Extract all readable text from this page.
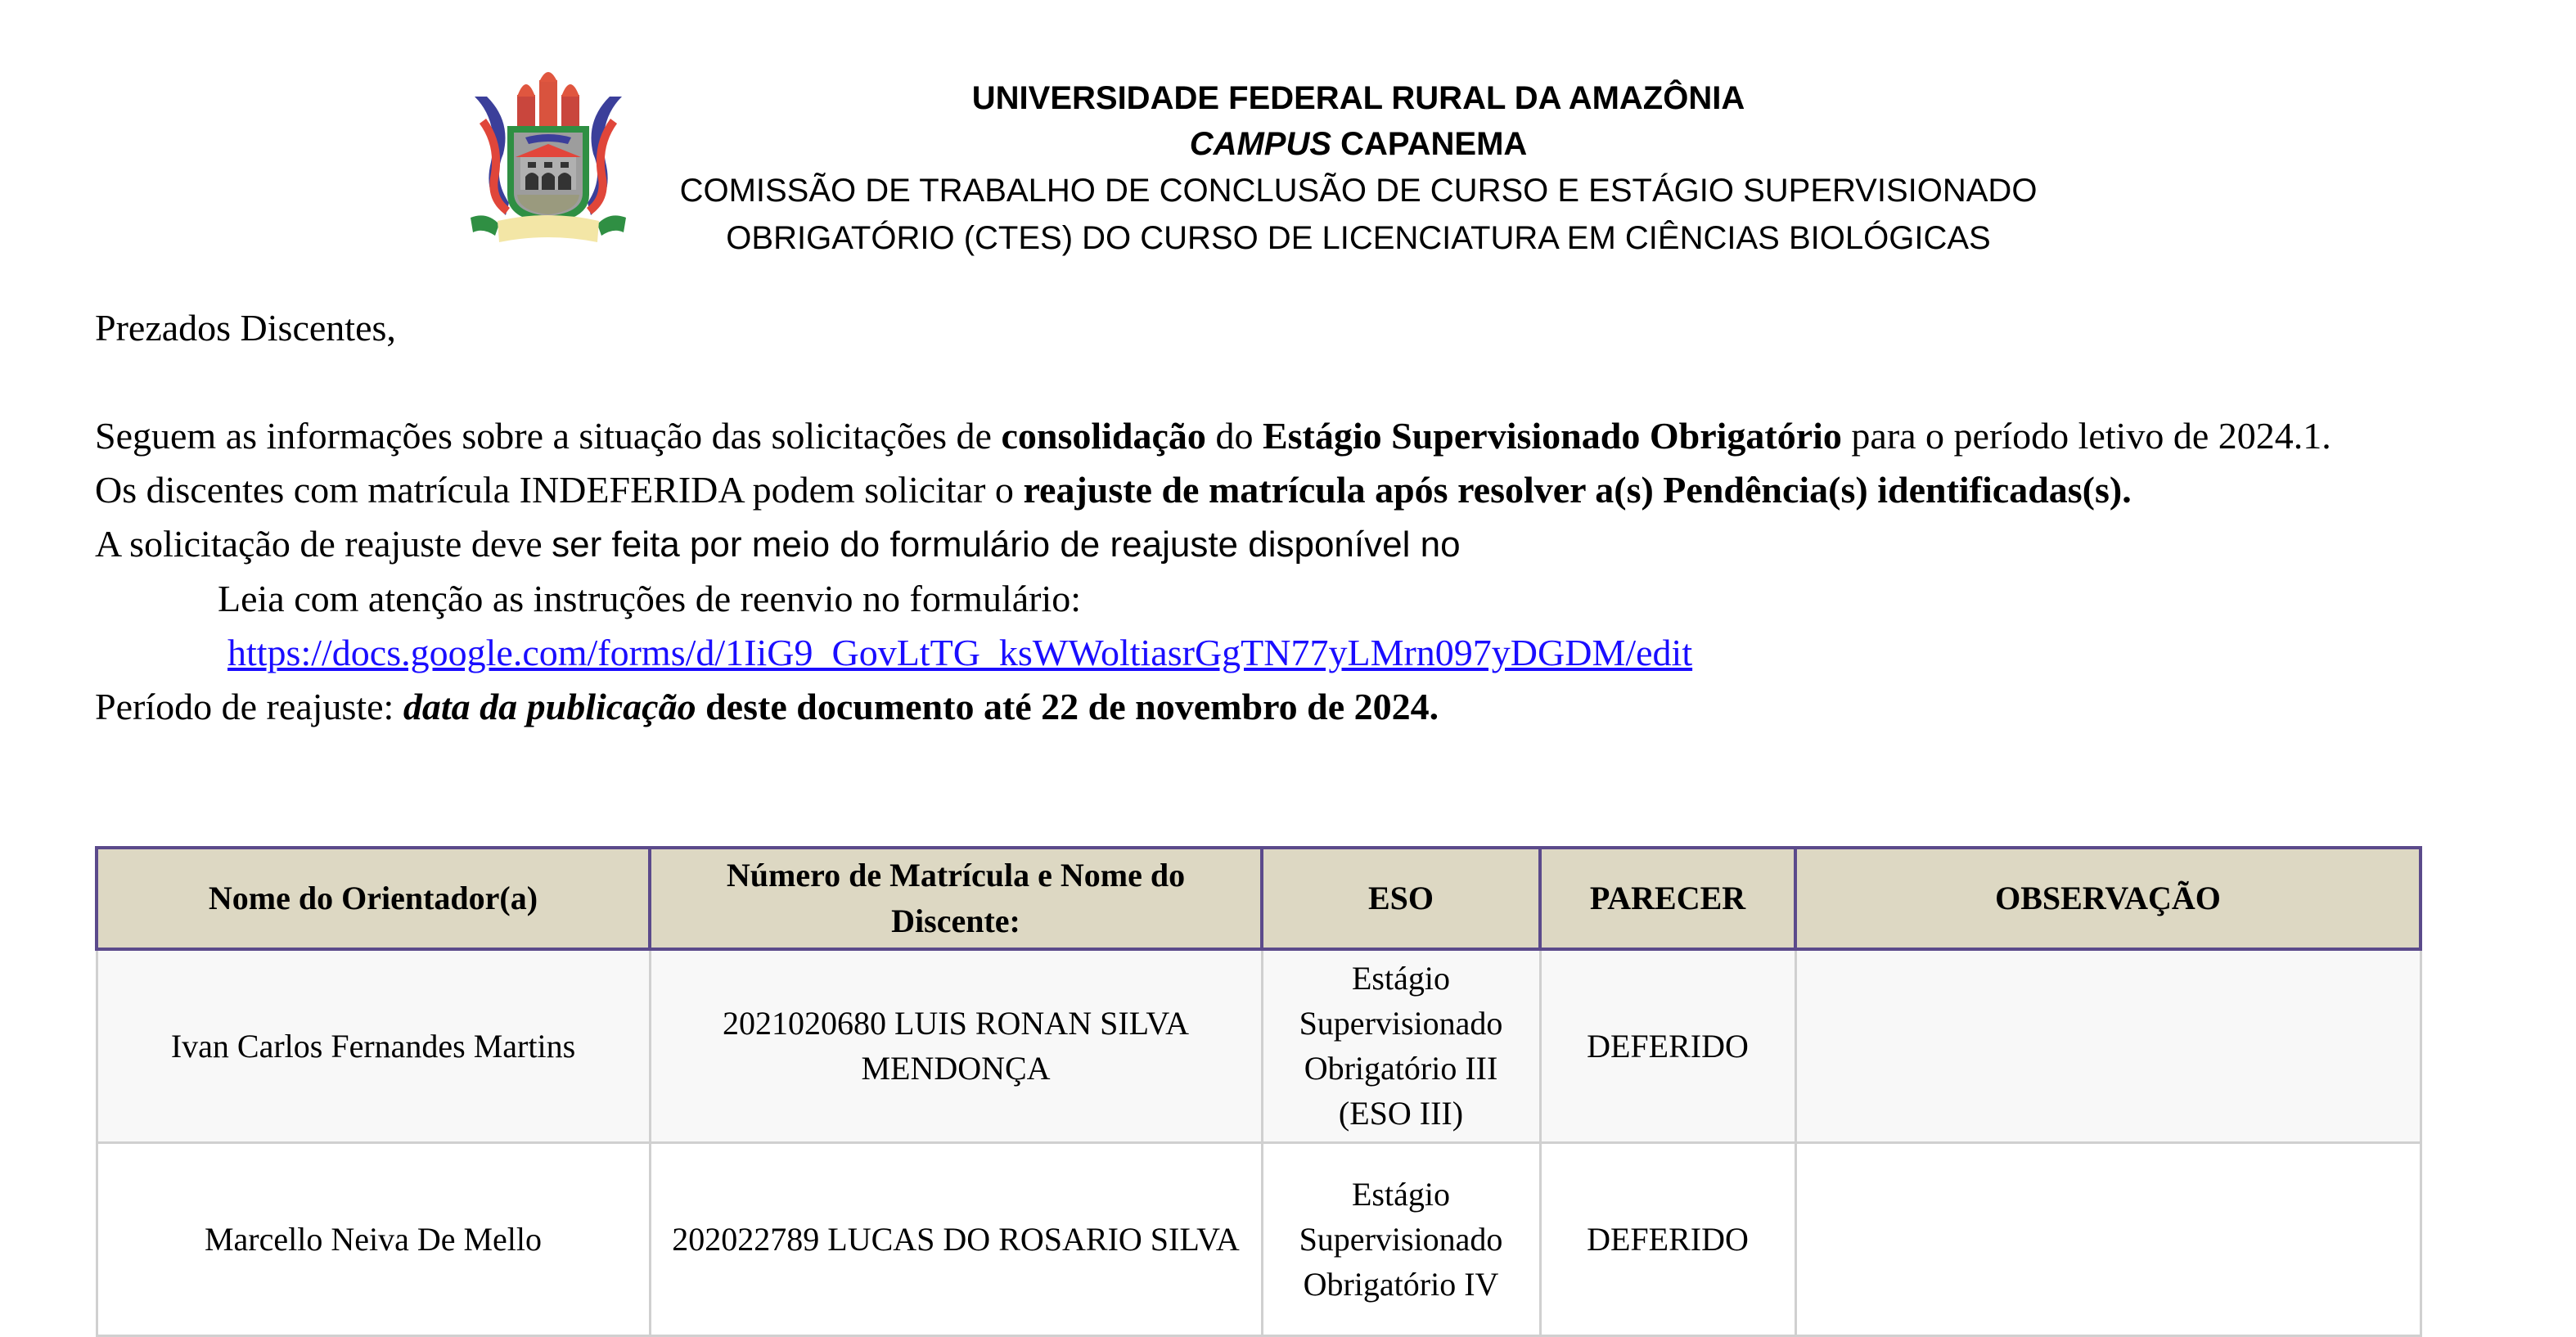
UNIVERSIDADE FEDERAL RURAL DA AMAZÔNIA
CAMPUS CAPANEMA
COMISSÃO DE TRABALHO DE CONCLUSÃO DE CURSO E ESTÁGIO SUPERVISIONADO
OBRIGATÓRIO (CTES) DO CURSO DE LICENCIATURA EM CIÊNCIAS BIOLÓGICAS
Prezados Discentes,
Seguem as informações sobre a situação das solicitações de consolidação do Estágio Supervisionado Obrigatório para o período letivo de 2024.1.
Os discentes com matrícula INDEFERIDA podem solicitar o reajuste de matrícula após resolver a(s) Pendência(s) identificadas(s).
A solicitação de reajuste deve ser feita por meio do formulário de reajuste disponível no
Leia com atenção as instruções de reenvio no formulário:
https://docs.google.com/forms/d/1IiG9_GovLtTG_ksWWoltiasrGgTN77yLMrn097yDGDM/edit
Período de reajuste: data da publicação deste documento até 22 de novembro de 2024.
Nome do Orientador(a)	Número de Matrícula e Nome do Discente:	ESO	PARECER	OBSERVAÇÃO
Ivan Carlos Fernandes Martins	2021020680 LUIS RONAN SILVA MENDONÇA	Estágio Supervisionado Obrigatório III (ESO III)	DEFERIDO	
Marcello Neiva De Mello	202022789 LUCAS DO ROSARIO SILVA	Estágio Supervisionado Obrigatório IV	DEFERIDO	
